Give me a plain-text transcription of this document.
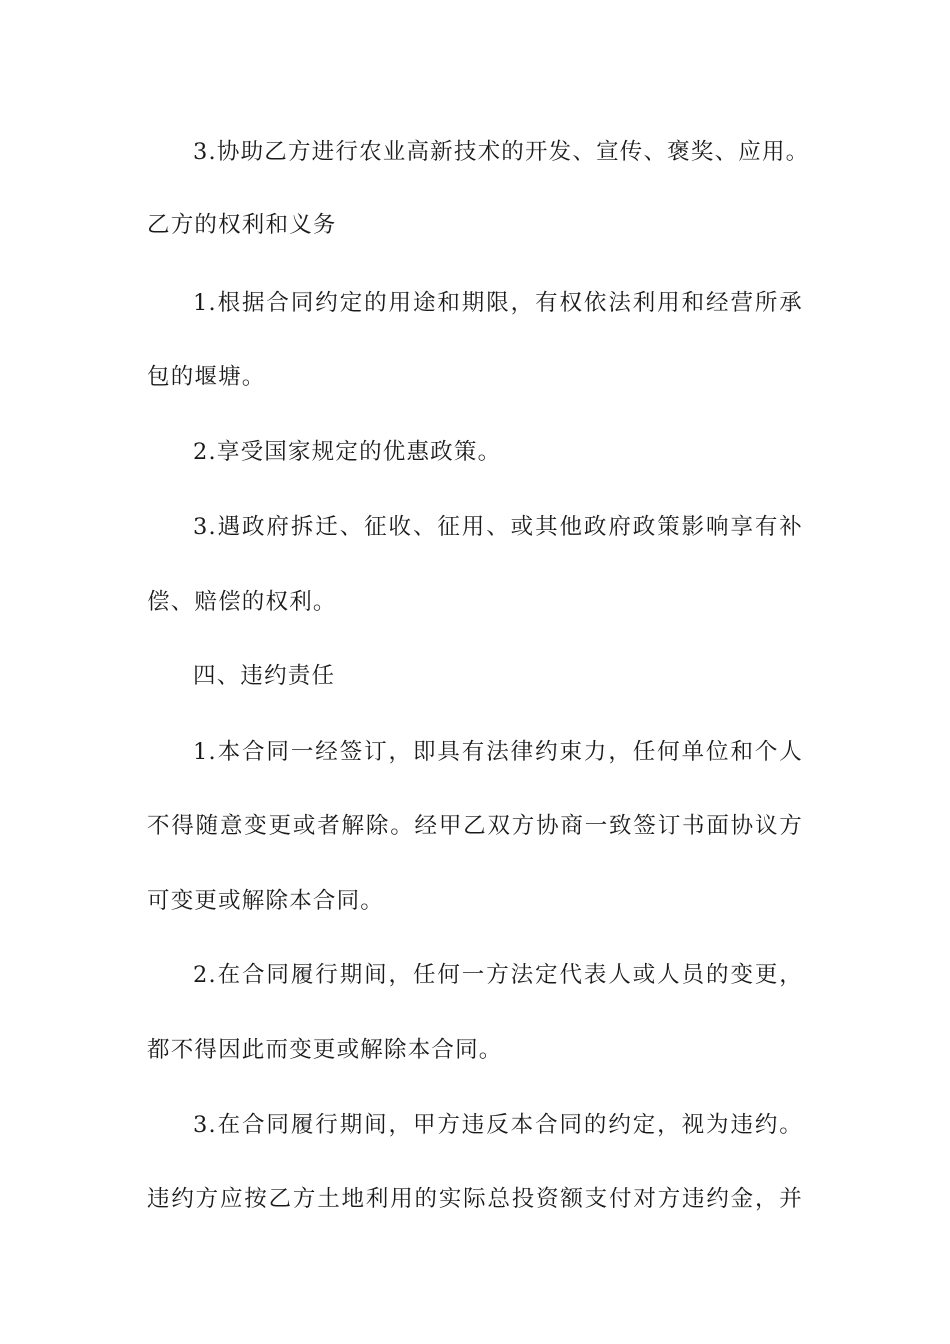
3.协助乙方进行农业高新技术的开发、宣传、褒奖、应用。
乙方的权利和义务
1.根据合同约定的用途和期限，有权依法利用和经营所承
包的堰塘。
2.享受国家规定的优惠政策。
3.遇政府拆迁、征收、征用、或其他政府政策影响享有补
偿、赔偿的权利。
四、违约责任
1.本合同一经签订，即具有法律约束力，任何单位和个人
不得随意变更或者解除。经甲乙双方协商一致签订书面协议方
可变更或解除本合同。
2.在合同履行期间，任何一方法定代表人或人员的变更，
都不得因此而变更或解除本合同。
3.在合同履行期间，甲方违反本合同的约定，视为违约。
违约方应按乙方土地利用的实际总投资额支付对方违约金，并
